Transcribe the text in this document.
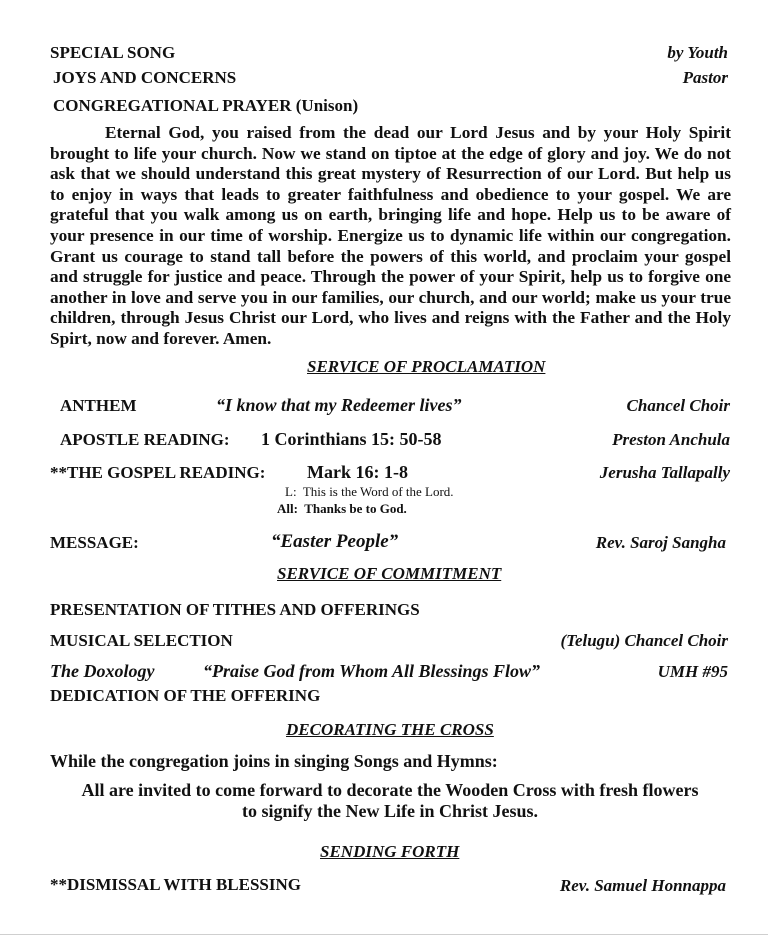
SPECIAL SONG	by Youth
JOYS AND CONCERNS	Pastor
CONGREGATIONAL PRAYER (Unison)
Eternal God, you raised from the dead our Lord Jesus and by your Holy Spirit brought to life your church. Now we stand on tiptoe at the edge of glory and joy. We do not ask that we should understand this great mystery of Resurrection of our Lord. But help us to enjoy in ways that leads to greater faithfulness and obedience to your gospel. We are grateful that you walk among us on earth, bringing life and hope. Help us to be aware of your presence in our time of worship. Energize us to dynamic life within our congregation. Grant us courage to stand tall before the powers of this world, and proclaim your gospel and struggle for justice and peace. Through the power of your Spirit, help us to forgive one another in love and serve you in our families, our church, and our world; make us your true children, through Jesus Christ our Lord, who lives and reigns with the Father and the Holy Spirt, now and forever. Amen.
SERVICE OF PROCLAMATION
ANTHEM	“I know that my Redeemer lives”	Chancel Choir
APOSTLE READING: 1 Corinthians 15: 50-58	Preston Anchula
**THE GOSPEL READING: Mark 16: 1-8	Jerusha Tallapally
L: This is the Word of the Lord.
All: Thanks be to God.
MESSAGE:	“Easter People”	Rev. Saroj Sangha
SERVICE OF COMMITMENT
PRESENTATION OF TITHES AND OFFERINGS
MUSICAL SELECTION	(Telugu) Chancel Choir
The Doxology	“Praise God from Whom All Blessings Flow”	UMH #95
DEDICATION OF THE OFFERING
DECORATING THE CROSS
While the congregation joins in singing Songs and Hymns:
All are invited to come forward to decorate the Wooden Cross with fresh flowers
to signify the New Life in Christ Jesus.
SENDING FORTH
**DISMISSAL WITH BLESSING	Rev. Samuel Honnappa
